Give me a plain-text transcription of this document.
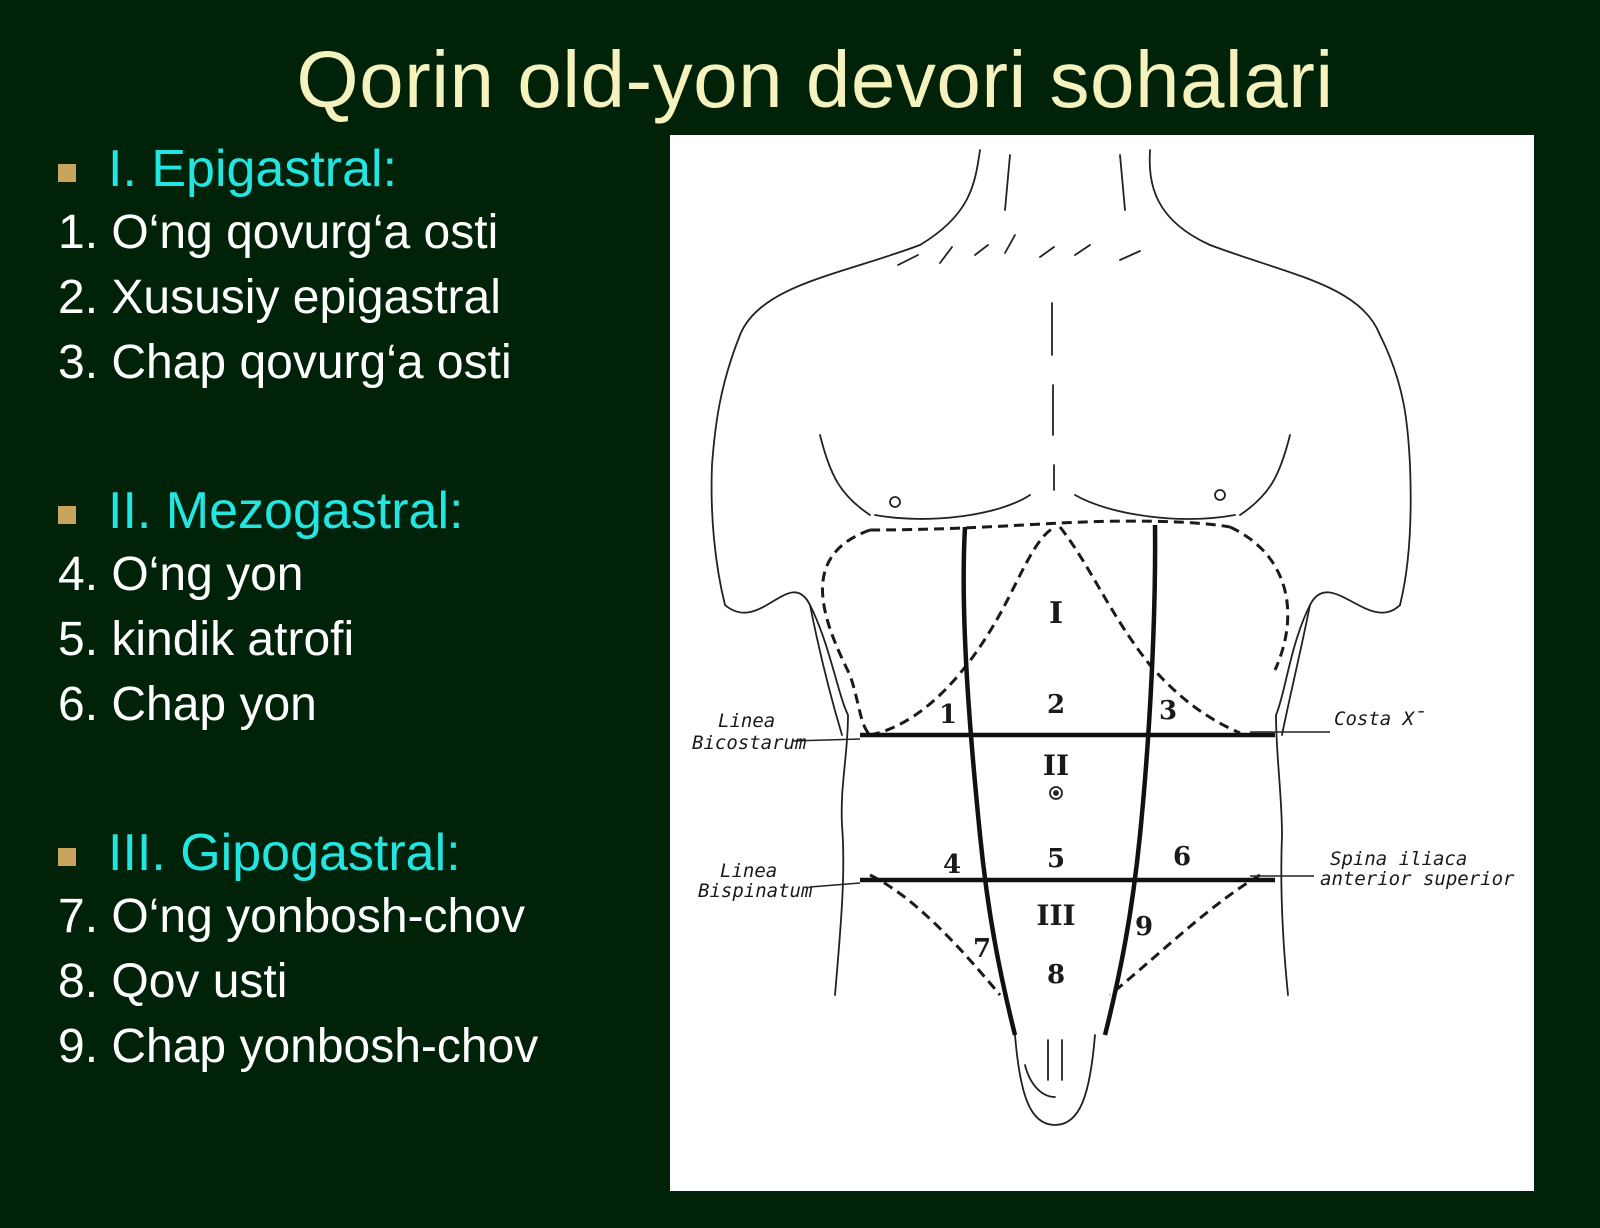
Qorin old-yon devori sohalari
I. Epigastral:
1. O‘ng qovurg‘a osti
2. Xususiy epigastral
3. Chap qovurg‘a osti
II. Mezogastral:
4. O‘ng yon
5. kindik atrofi
6. Chap yon
III. Gipogastral:
7. O‘ng yonbosh-chov
8. Qov usti
9. Chap yonbosh-chov
I
II
III
1	2	3
4	5	6
7
8
9
Linea
Bicostarum
Linea
Bispinatum
Costa X̄
Spina iliaca
anterior superior
